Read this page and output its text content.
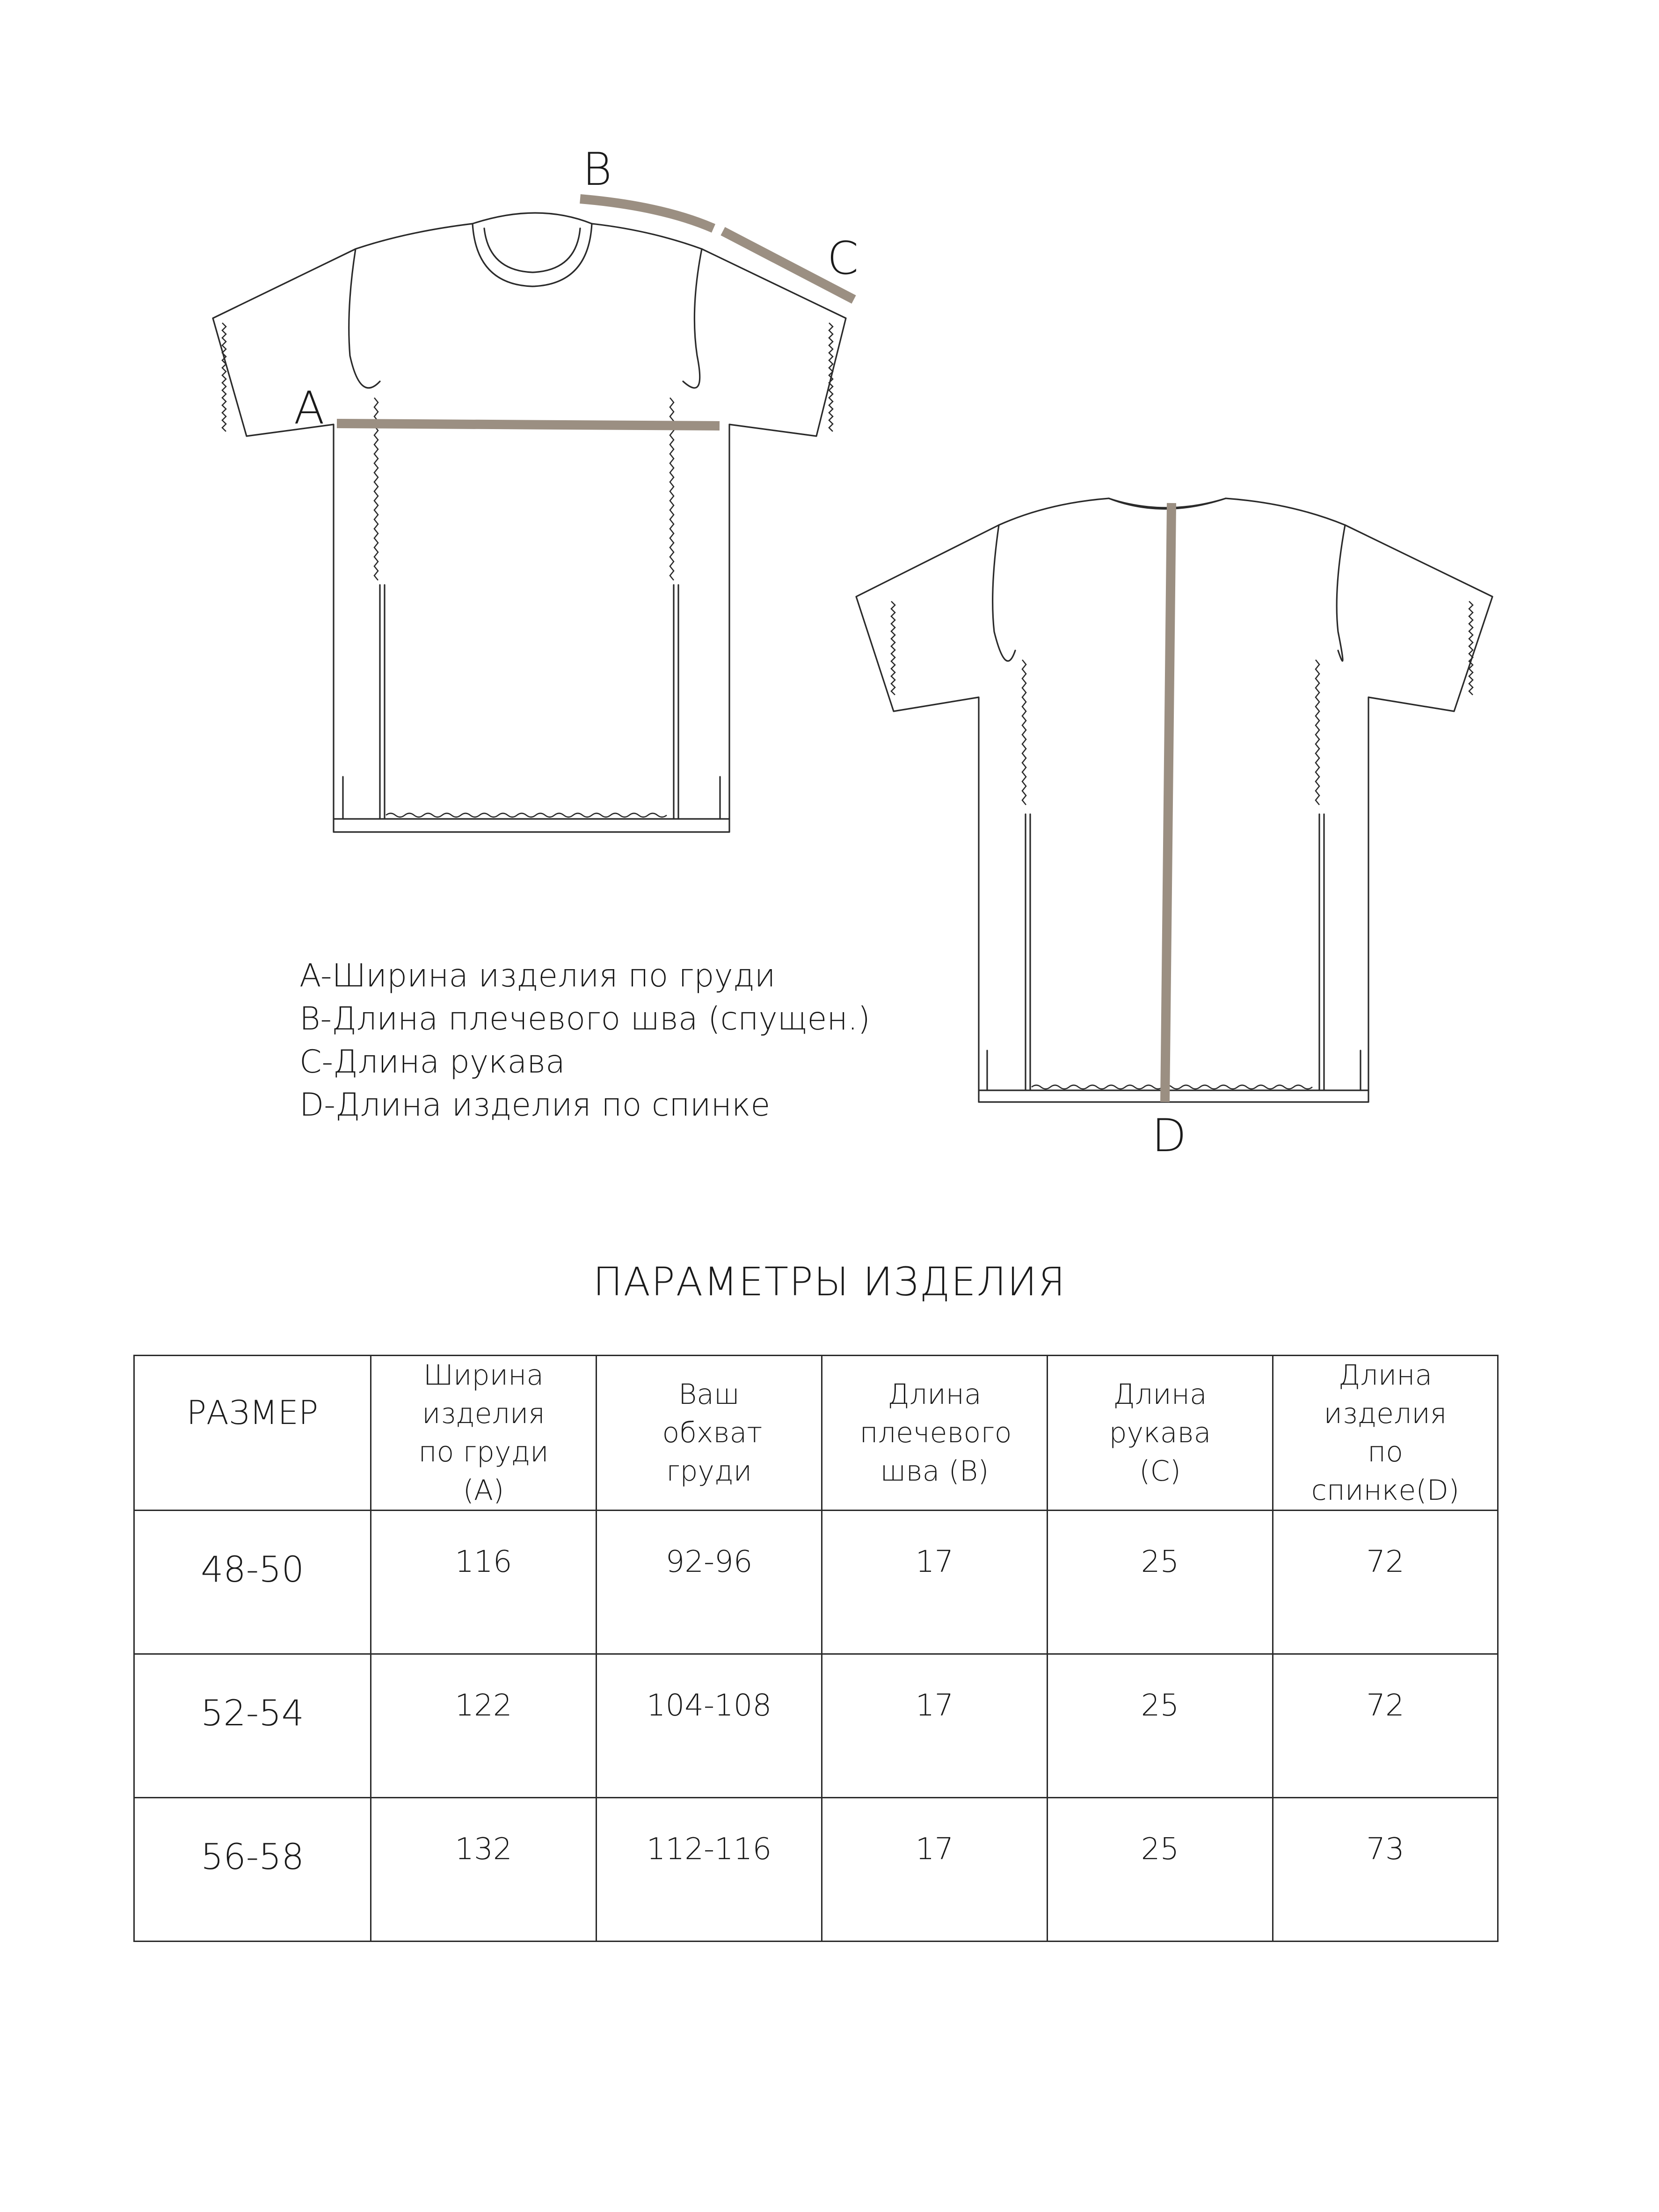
B
C
A
D
A-Ширина изделия по груди
B-Длина плечевого шва (спущен.)
C-Длина рукава
D-Длина изделия по спинке
ПАРАМЕТРЫ ИЗДЕЛИЯ
РАЗМЕР	Ширина изделия по груди (A)	Ваш обхват груди	Длина плечевого шва (B)	Длина рукава (C)	Длина изделия по спинке(D)
48-50	116	92-96	17	25	72
52-54	122	104-108	17	25	72
56-58	132	112-116	17	25	73
